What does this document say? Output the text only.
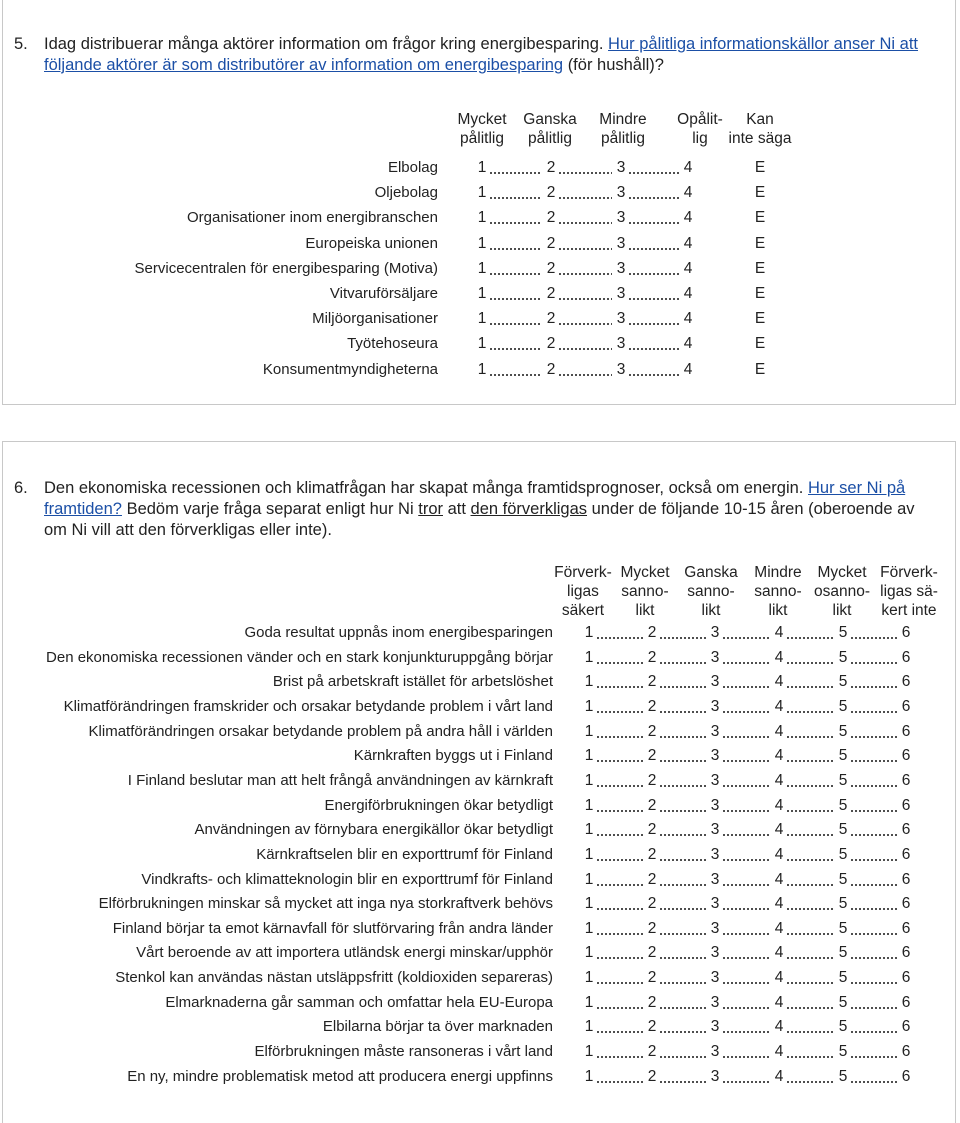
5. Idag distribuerar många aktörer information om frågor kring energibesparing. Hur pålitliga informationskällor anser Ni att följande aktörer är som distributörer av information om energibesparing (för hushåll)?
Mycket
pålitlig
Ganska
pålitlig
Mindre
pålitlig
Opålit-
lig
Kan
inte säga
Elbolag	1	2	3	4	E
Oljebolag	1	2	3	4	E
Organisationer inom energibranschen	1	2	3	4	E
Europeiska unionen	1	2	3	4	E
Servicecentralen för energibesparing (Motiva)	1	2	3	4	E
Vitvaruförsäljare	1	2	3	4	E
Miljöorganisationer	1	2	3	4	E
Työtehoseura	1	2	3	4	E
Konsumentmyndigheterna	1	2	3	4	E
6. Den ekonomiska recessionen och klimatfrågan har skapat många framtidsprognoser, också om energin. Hur ser Ni på framtiden? Bedöm varje fråga separat enligt hur Ni tror att den förverkligas under de följande 10-15 åren (oberoende av om Ni vill att den förverkligas eller inte).
Förverk-
ligas
säkert
Mycket
sanno-
likt
Ganska
sanno-
likt
Mindre
sanno-
likt
Mycket
osanno-
likt
Förverk-
ligas sä-
kert inte
Goda resultat uppnås inom energibesparingen 1	2	3	4	5	6
Den ekonomiska recessionen vänder och en stark konjunkturuppgång börjar 1	2	3	4	5	6
Brist på arbetskraft istället för arbetslöshet 1	2	3	4	5	6
Klimatförändringen framskrider och orsakar betydande problem i vårt land 1	2	3	4	5	6
Klimatförändringen orsakar betydande problem på andra håll i världen 1	2	3	4	5	6
Kärnkraften byggs ut i Finland 1	2	3	4	5	6
I Finland beslutar man att helt frångå användningen av kärnkraft 1	2	3	4	5	6
Energiförbrukningen ökar betydligt 1	2	3	4	5	6
Användningen av förnybara energikällor ökar betydligt 1	2	3	4	5	6
Kärnkraftselen blir en exporttrumf för Finland 1	2	3	4	5	6
Vindkrafts- och klimatteknologin blir en exporttrumf för Finland 1	2	3	4	5	6
Elförbrukningen minskar så mycket att inga nya storkraftverk behövs 1	2	3	4	5	6
Finland börjar ta emot kärnavfall för slutförvaring från andra länder 1	2	3	4	5	6
Vårt beroende av att importera utländsk energi minskar/upphör 1	2	3	4	5	6
Stenkol kan användas nästan utsläppsfritt (koldioxiden separeras) 1	2	3	4	5	6
Elmarknaderna går samman och omfattar hela EU-Europa 1	2	3	4	5	6
Elbilarna börjar ta över marknaden 1	2	3	4	5	6
Elförbrukningen måste ransoneras i vårt land 1	2	3	4	5	6
En ny, mindre problematisk metod att producera energi uppfinns 1	2	3	4	5	6
